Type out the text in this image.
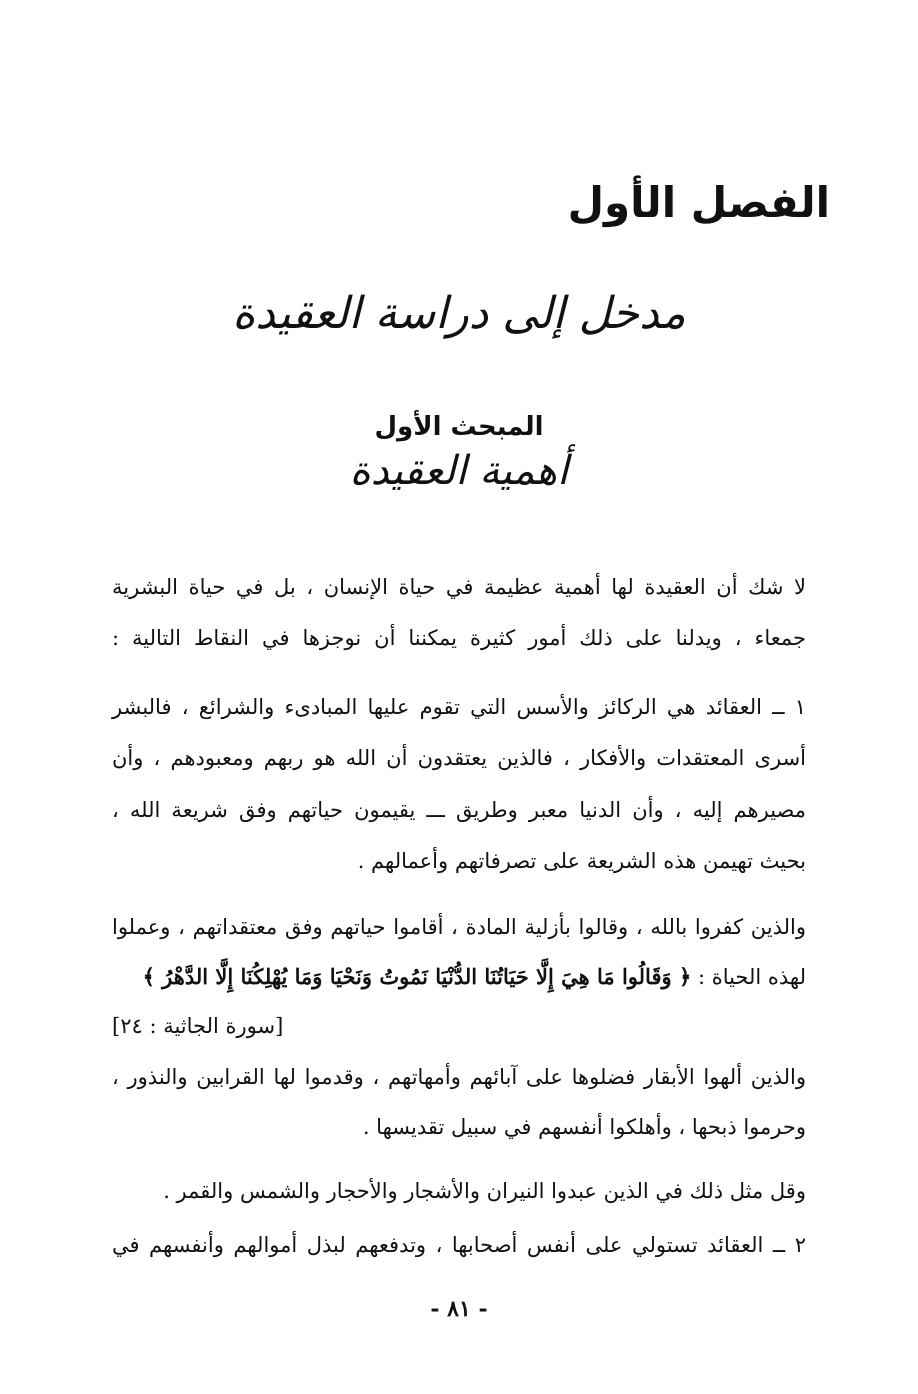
الفصل الأول
مدخل إلى دراسة العقيدة
المبحث الأول
أهمية العقيدة
لا شك أن العقيدة لها أهمية عظيمة في حياة الإنسان ، بل في حياة البشرية
جمعاء ، ويدلنا على ذلك أمور كثيرة يمكننا أن نوجزها في النقاط التالية :
١ ــ العقائد هي الركائز والأسس التي تقوم عليها المبادىء والشرائع ، فالبشر
أسرى المعتقدات والأفكار ، فالذين يعتقدون أن الله هو ربهم ومعبودهم ، وأن
مصيرهم إليه ، وأن الدنيا معبر وطريق ـــ يقيمون حياتهم وفق شريعة الله ،
بحيث تهيمن هذه الشريعة على تصرفاتهم وأعمالهم .
والذين كفروا بالله ، وقالوا بأزلية المادة ، أقاموا حياتهم وفق معتقداتهم ، وعملوا
لهذه الحياة : ﴿ وَقَالُوا مَا هِيَ إِلَّا حَيَاتُنَا الدُّنْيَا نَمُوتُ وَنَحْيَا وَمَا يُهْلِكُنَا إِلَّا الدَّهْرُ ﴾
[سورة الجاثية : ٢٤]
والذين ألهوا الأبقار فضلوها على آبائهم وأمهاتهم ، وقدموا لها القرابين والنذور ،
وحرموا ذبحها ، وأهلكوا أنفسهم في سبيل تقديسها .
وقل مثل ذلك في الذين عبدوا النيران والأشجار والأحجار والشمس والقمر .
٢ ــ العقائد تستولي على أنفس أصحابها ، وتدفعهم لبذل أموالهم وأنفسهم في
- ٨١ -
